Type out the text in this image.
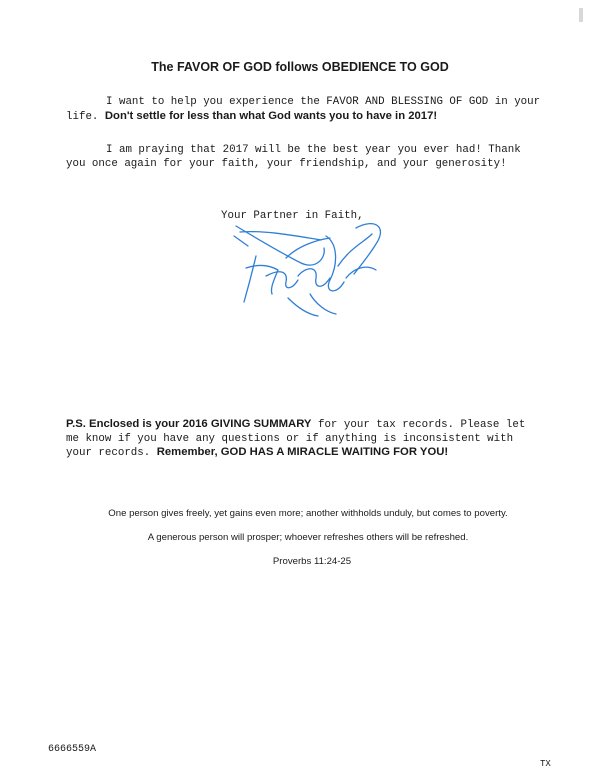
The FAVOR OF GOD follows OBEDIENCE TO GOD
I want to help you experience the FAVOR AND BLESSING OF GOD in your life. Don't settle for less than what God wants you to have in 2017!
I am praying that 2017 will be the best year you ever had! Thank you once again for your faith, your friendship, and your generosity!
Your Partner in Faith,
P.S. Enclosed is your 2016 GIVING SUMMARY for your tax records. Please let me know if you have any questions or if anything is inconsistent with your records. Remember, GOD HAS A MIRACLE WAITING FOR YOU!
One person gives freely, yet gains even more; another withholds unduly, but comes to poverty.
A generous person will prosper; whoever refreshes others will be refreshed.
Proverbs 11:24-25
6666559A
TX
